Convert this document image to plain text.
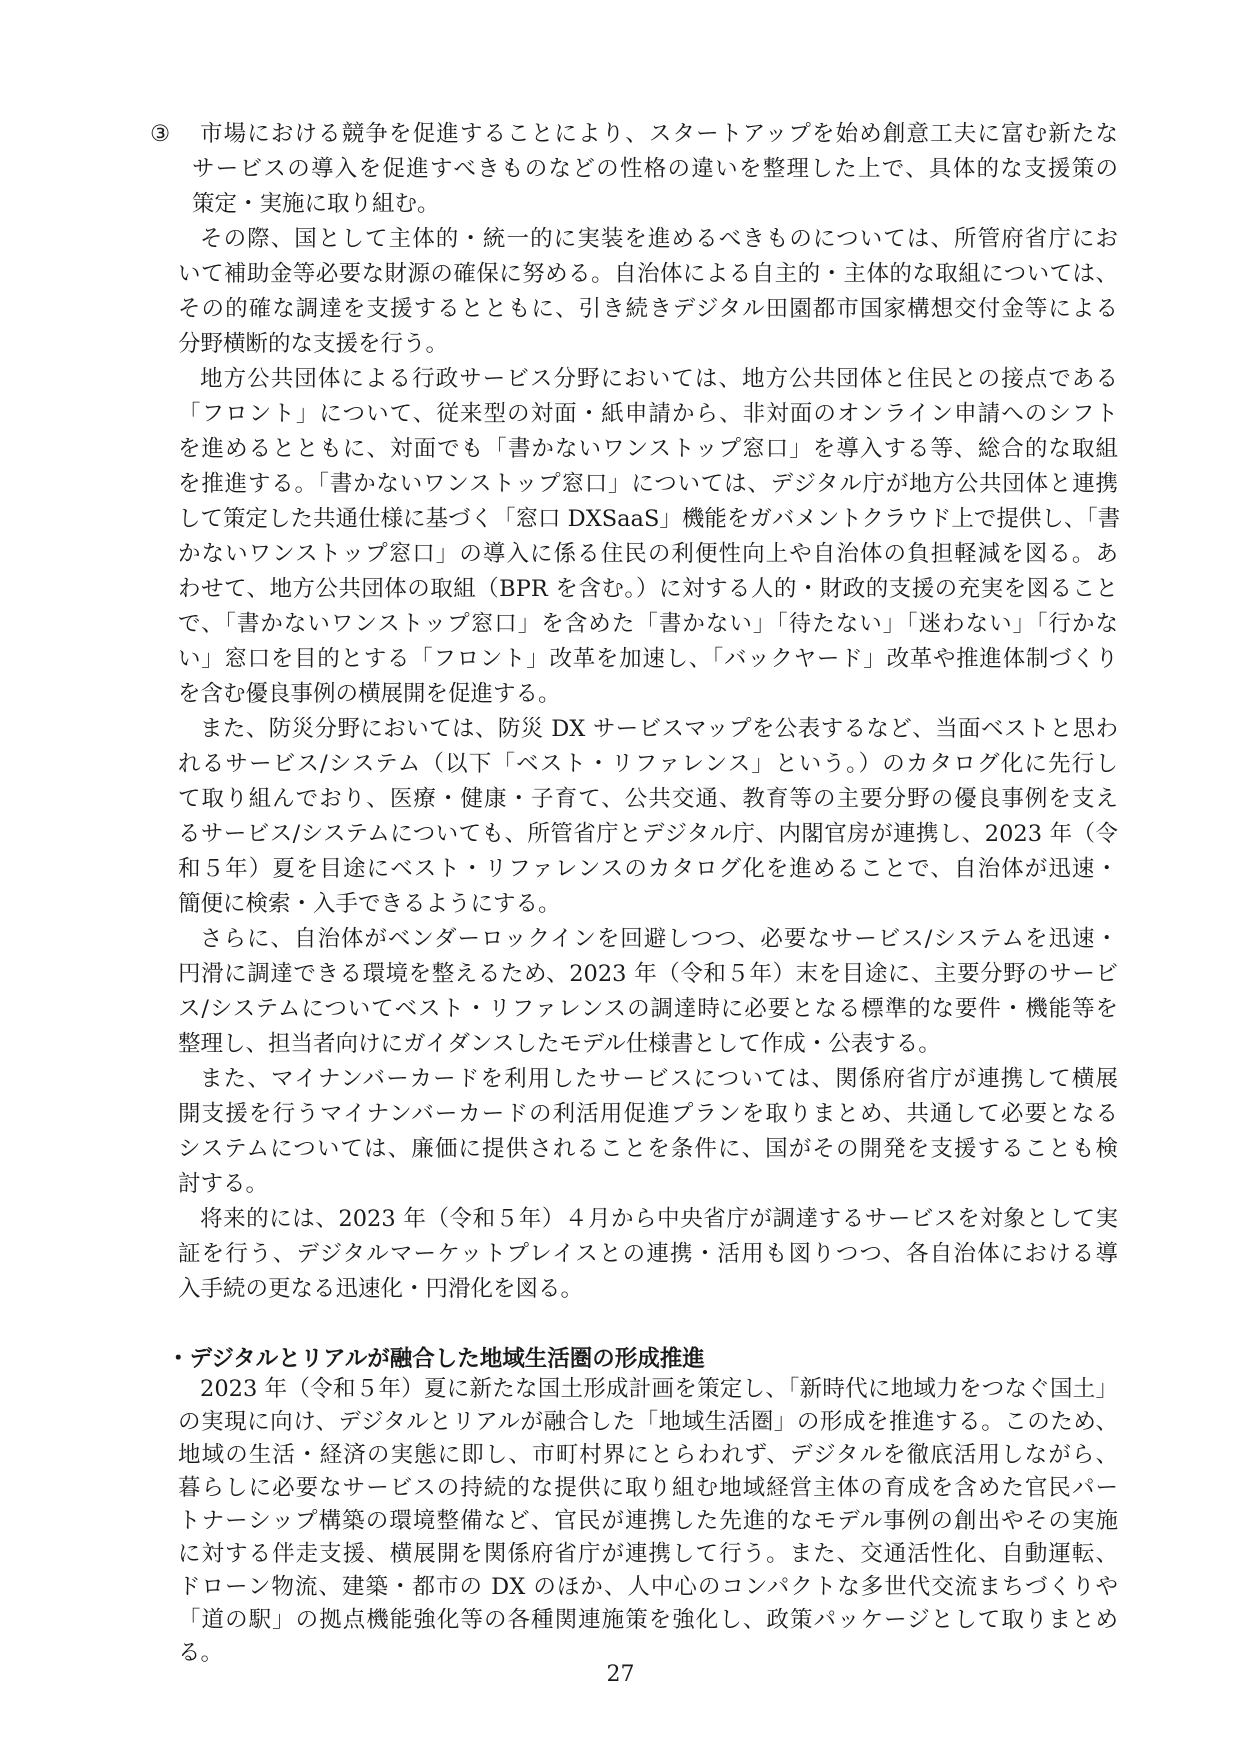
③ 市場における競争を促進することにより、スタートアップを始め創意工夫に富む新たな
サービスの導入を促進すべきものなどの性格の違いを整理した上で、具体的な支援策の
策定・実施に取り組む。
その際、国として主体的・統一的に実装を進めるべきものについては、所管府省庁にお
いて補助金等必要な財源の確保に努める。自治体による自主的・主体的な取組については、
その的確な調達を支援するとともに、引き続きデジタル田園都市国家構想交付金等による
分野横断的な支援を行う。
地方公共団体による行政サービス分野においては、地方公共団体と住民との接点である
「フロント」について、従来型の対面・紙申請から、非対面のオンライン申請へのシフト
を進めるとともに、対面でも「書かないワンストップ窓口」を導入する等、総合的な取組
を推進する。「書かないワンストップ窓口」については、デジタル庁が地方公共団体と連携
して策定した共通仕様に基づく「窓口 DXSaaS」機能をガバメントクラウド上で提供し、「書
かないワンストップ窓口」の導入に係る住民の利便性向上や自治体の負担軽減を図る。あ
わせて、地方公共団体の取組（BPR を含む。）に対する人的・財政的支援の充実を図ること
で、「書かないワンストップ窓口」を含めた「書かない」「待たない」「迷わない」「行かな
い」窓口を目的とする「フロント」改革を加速し、「バックヤード」改革や推進体制づくり
を含む優良事例の横展開を促進する。
また、防災分野においては、防災 DX サービスマップを公表するなど、当面ベストと思わ
れるサービス/システム（以下「ベスト・リファレンス」という。）のカタログ化に先行し
て取り組んでおり、医療・健康・子育て、公共交通、教育等の主要分野の優良事例を支え
るサービス/システムについても、所管省庁とデジタル庁、内閣官房が連携し、2023 年（令
和５年）夏を目途にベスト・リファレンスのカタログ化を進めることで、自治体が迅速・
簡便に検索・入手できるようにする。
さらに、自治体がベンダーロックインを回避しつつ、必要なサービス/システムを迅速・
円滑に調達できる環境を整えるため、2023 年（令和５年）末を目途に、主要分野のサービ
ス/システムについてベスト・リファレンスの調達時に必要となる標準的な要件・機能等を
整理し、担当者向けにガイダンスしたモデル仕様書として作成・公表する。
また、マイナンバーカードを利用したサービスについては、関係府省庁が連携して横展
開支援を行うマイナンバーカードの利活用促進プランを取りまとめ、共通して必要となる
システムについては、廉価に提供されることを条件に、国がその開発を支援することも検
討する。
将来的には、2023 年（令和５年）４月から中央省庁が調達するサービスを対象として実
証を行う、デジタルマーケットプレイスとの連携・活用も図りつつ、各自治体における導
入手続の更なる迅速化・円滑化を図る。
・デジタルとリアルが融合した地域生活圏の形成推進
2023 年（令和５年）夏に新たな国土形成計画を策定し、「新時代に地域力をつなぐ国土」
の実現に向け、デジタルとリアルが融合した「地域生活圏」の形成を推進する。このため、
地域の生活・経済の実態に即し、市町村界にとらわれず、デジタルを徹底活用しながら、
暮らしに必要なサービスの持続的な提供に取り組む地域経営主体の育成を含めた官民パー
トナーシップ構築の環境整備など、官民が連携した先進的なモデル事例の創出やその実施
に対する伴走支援、横展開を関係府省庁が連携して行う。また、交通活性化、自動運転、
ドローン物流、建築・都市の DX のほか、人中心のコンパクトな多世代交流まちづくりや
27
「道の駅」の拠点機能強化等の各種関連施策を強化し、政策パッケージとして取りまとめ
る。
